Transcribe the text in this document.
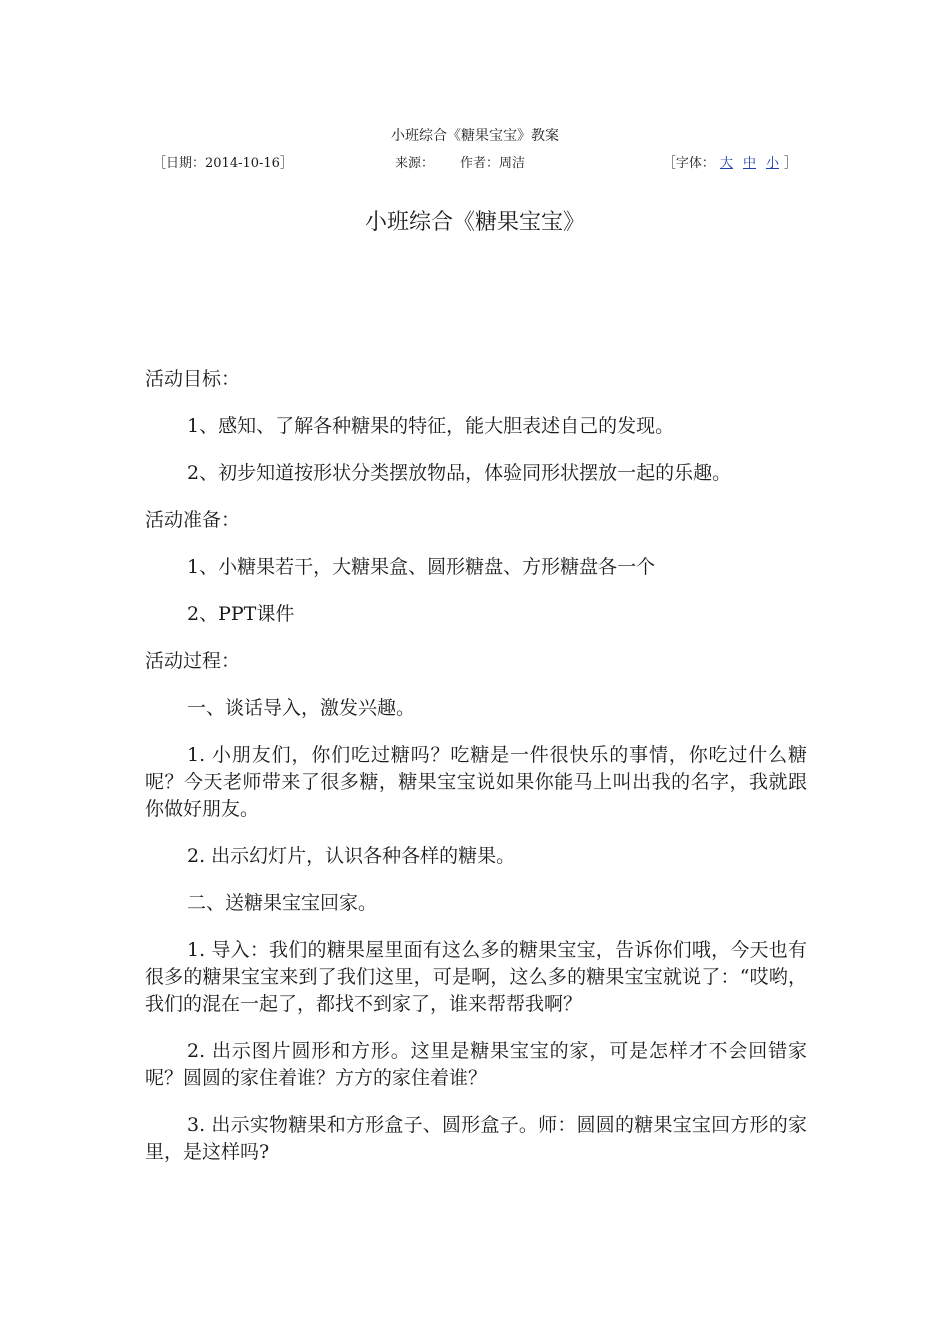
小班综合《糖果宝宝》教案
［日期：2014-10-16］	来源： 作者：周洁	［字体： 大 中 小 ］
小班综合《糖果宝宝》

活动目标：

1、感知、了解各种糖果的特征，能大胆表述自己的发现。

2、初步知道按形状分类摆放物品，体验同形状摆放一起的乐趣。

活动准备：

1、小糖果若干，大糖果盒、圆形糖盘、方形糖盘各一个

2、PPT课件

活动过程：

一、谈话导入，激发兴趣。

1. 小朋友们，你们吃过糖吗？吃糖是一件很快乐的事情，你吃过什么糖呢？今天老师带来了很多糖，糖果宝宝说如果你能马上叫出我的名字，我就跟你做好朋友。

2. 出示幻灯片，认识各种各样的糖果。

二、送糖果宝宝回家。

1. 导入：我们的糖果屋里面有这么多的糖果宝宝，告诉你们哦，今天也有很多的糖果宝宝来到了我们这里，可是啊，这么多的糖果宝宝就说了：“哎哟，我们的混在一起了，都找不到家了，谁来帮帮我啊？

2. 出示图片圆形和方形。这里是糖果宝宝的家，可是怎样才不会回错家呢？圆圆的家住着谁？方方的家住着谁？

3. 出示实物糖果和方形盒子、圆形盒子。师：圆圆的糖果宝宝回方形的家里，是这样吗?
